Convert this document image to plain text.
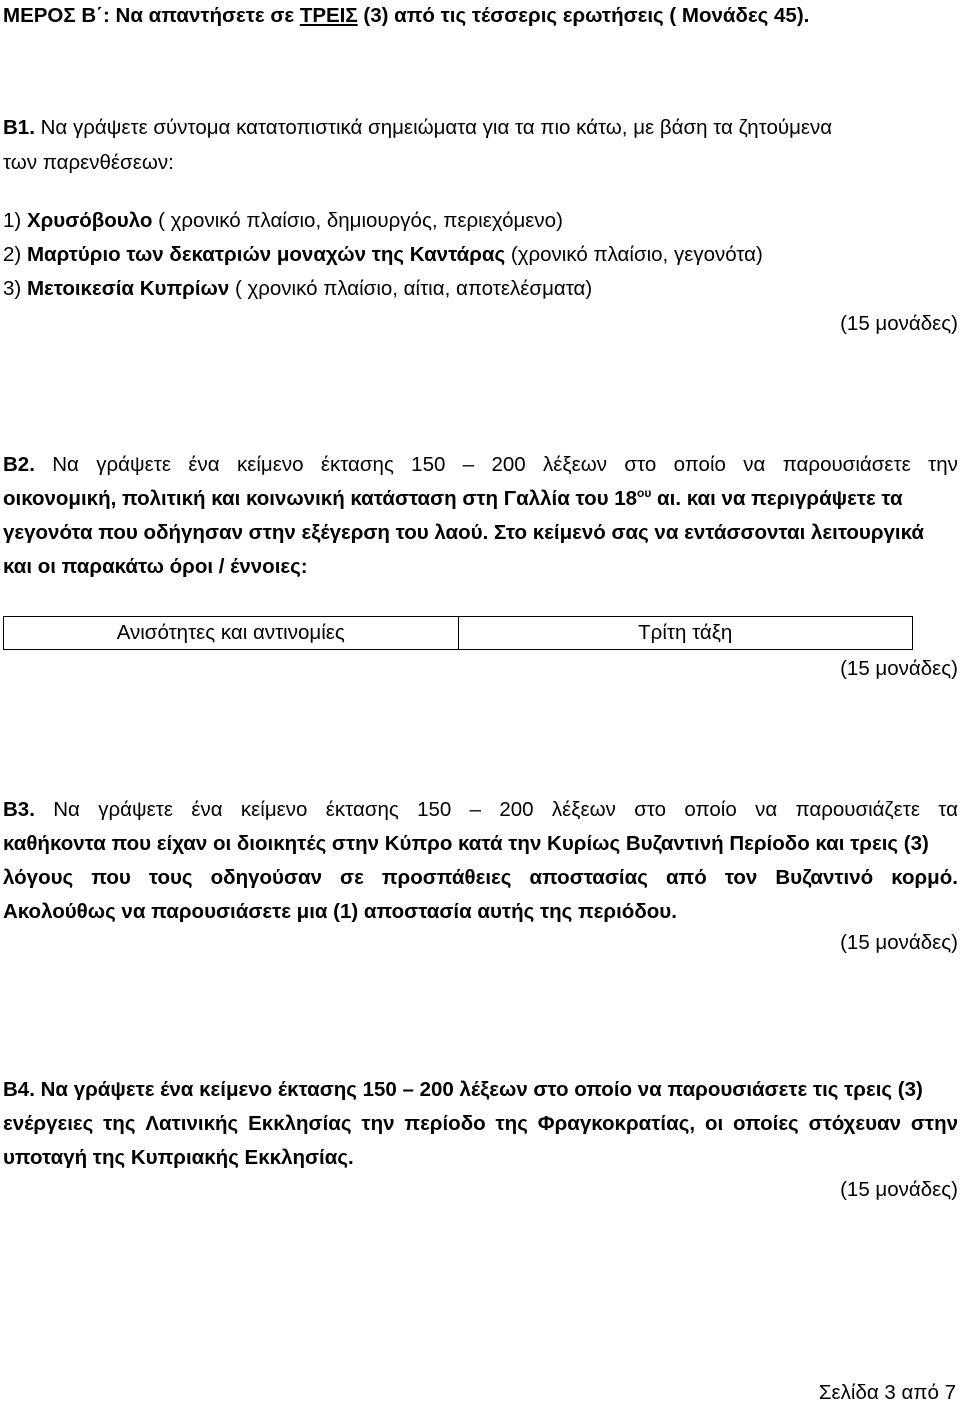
ΜΕΡΟΣ Β΄: Να απαντήσετε σε ΤΡΕΙΣ (3) από τις τέσσερις ερωτήσεις ( Μονάδες 45).
Β1. Να γράψετε σύντομα κατατοπιστικά σημειώματα για τα πιο κάτω, με βάση τα ζητούμενα
των παρενθέσεων:
1) Χρυσόβουλο ( χρονικό πλαίσιο, δημιουργός, περιεχόμενο)
2) Μαρτύριο των δεκατριών μοναχών της Καντάρας (χρονικό πλαίσιο, γεγονότα)
3) Μετοικεσία Κυπρίων ( χρονικό πλαίσιο, αίτια, αποτελέσματα)
(15 μονάδες)
Β2. Να γράψετε ένα κείμενο έκτασης 150 – 200 λέξεων στο οποίο να παρουσιάσετε την
οικονομική, πολιτική και κοινωνική κατάσταση στη Γαλλία του $18^{o\upsilon}$ αι. και να περιγράψετε τα
γεγονότα που οδήγησαν στην εξέγερση του λαού. Στο κείμενό σας να εντάσσονται λειτουργικά
και οι παρακάτω όροι / έννοιες:
Ανισότητες και αντινομίες	Τρίτη τάξη
(15 μονάδες)
Β3. Να γράψετε ένα κείμενο έκτασης 150 – 200 λέξεων στο οποίο να παρουσιάζετε τα
καθήκοντα που είχαν οι διοικητές στην Κύπρο κατά την Κυρίως Βυζαντινή Περίοδο και τρεις (3)
λόγους που τους οδηγούσαν σε προσπάθειες αποστασίας από τον Βυζαντινό κορμό.
Ακολούθως να παρουσιάσετε μια (1) αποστασία αυτής της περιόδου.
(15 μονάδες)
Β4. Να γράψετε ένα κείμενο έκτασης 150 – 200 λέξεων στο οποίο να παρουσιάσετε τις τρεις (3)
ενέργειες της Λατινικής Εκκλησίας την περίοδο της Φραγκοκρατίας, οι οποίες στόχευαν στην
υποταγή της Κυπριακής Εκκλησίας.
(15 μονάδες)
Σελίδα 3 από 7
